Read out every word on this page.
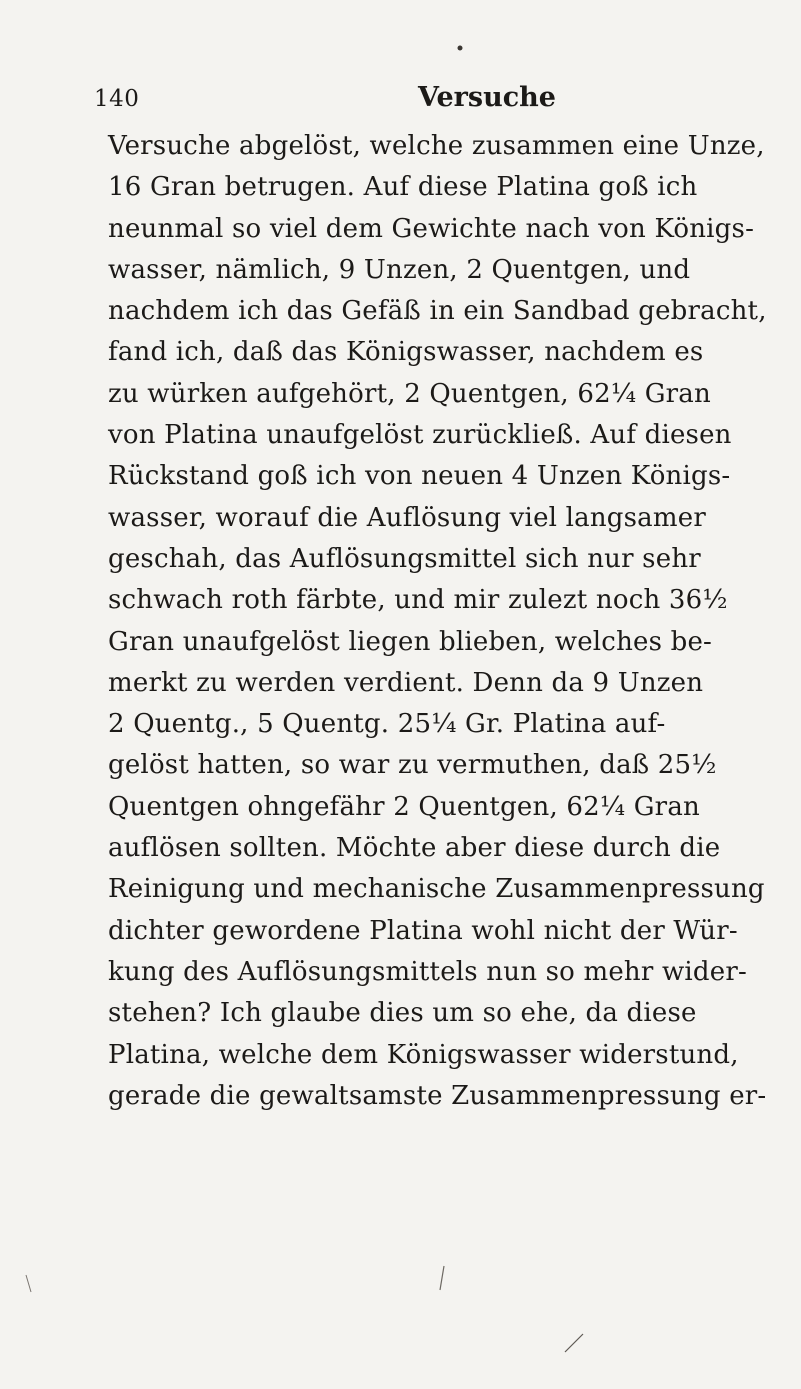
140	Versuche
Versuche abgelöst, welche zusammen eine Unze,
16 Gran betrugen. Auf diese Platina goß ich
neunmal so viel dem Gewichte nach von Königs-
wasser, nämlich, 9 Unzen, 2 Quentgen, und
nachdem ich das Gefäß in ein Sandbad gebracht,
fand ich, daß das Königswasser, nachdem es
zu würken aufgehört, 2 Quentgen, 62¼ Gran
von Platina unaufgelöst zurückließ. Auf diesen
Rückstand goß ich von neuen 4 Unzen Königs-
wasser, worauf die Auflösung viel langsamer
geschah, das Auflösungsmittel sich nur sehr
schwach roth färbte, und mir zulezt noch 36½
Gran unaufgelöst liegen blieben, welches be-
merkt zu werden verdient. Denn da 9 Unzen
2 Quentg., 5 Quentg. 25¼ Gr. Platina auf-
gelöst hatten, so war zu vermuthen, daß 25½
Quentgen ohngefähr 2 Quentgen, 62¼ Gran
auflösen sollten. Möchte aber diese durch die
Reinigung und mechanische Zusammenpressung
dichter gewordene Platina wohl nicht der Wür-
kung des Auflösungsmittels nun so mehr wider-
stehen? Ich glaube dies um so ehe, da diese
Platina, welche dem Königswasser widerstund,
gerade die gewaltsamste Zusammenpressung er-
